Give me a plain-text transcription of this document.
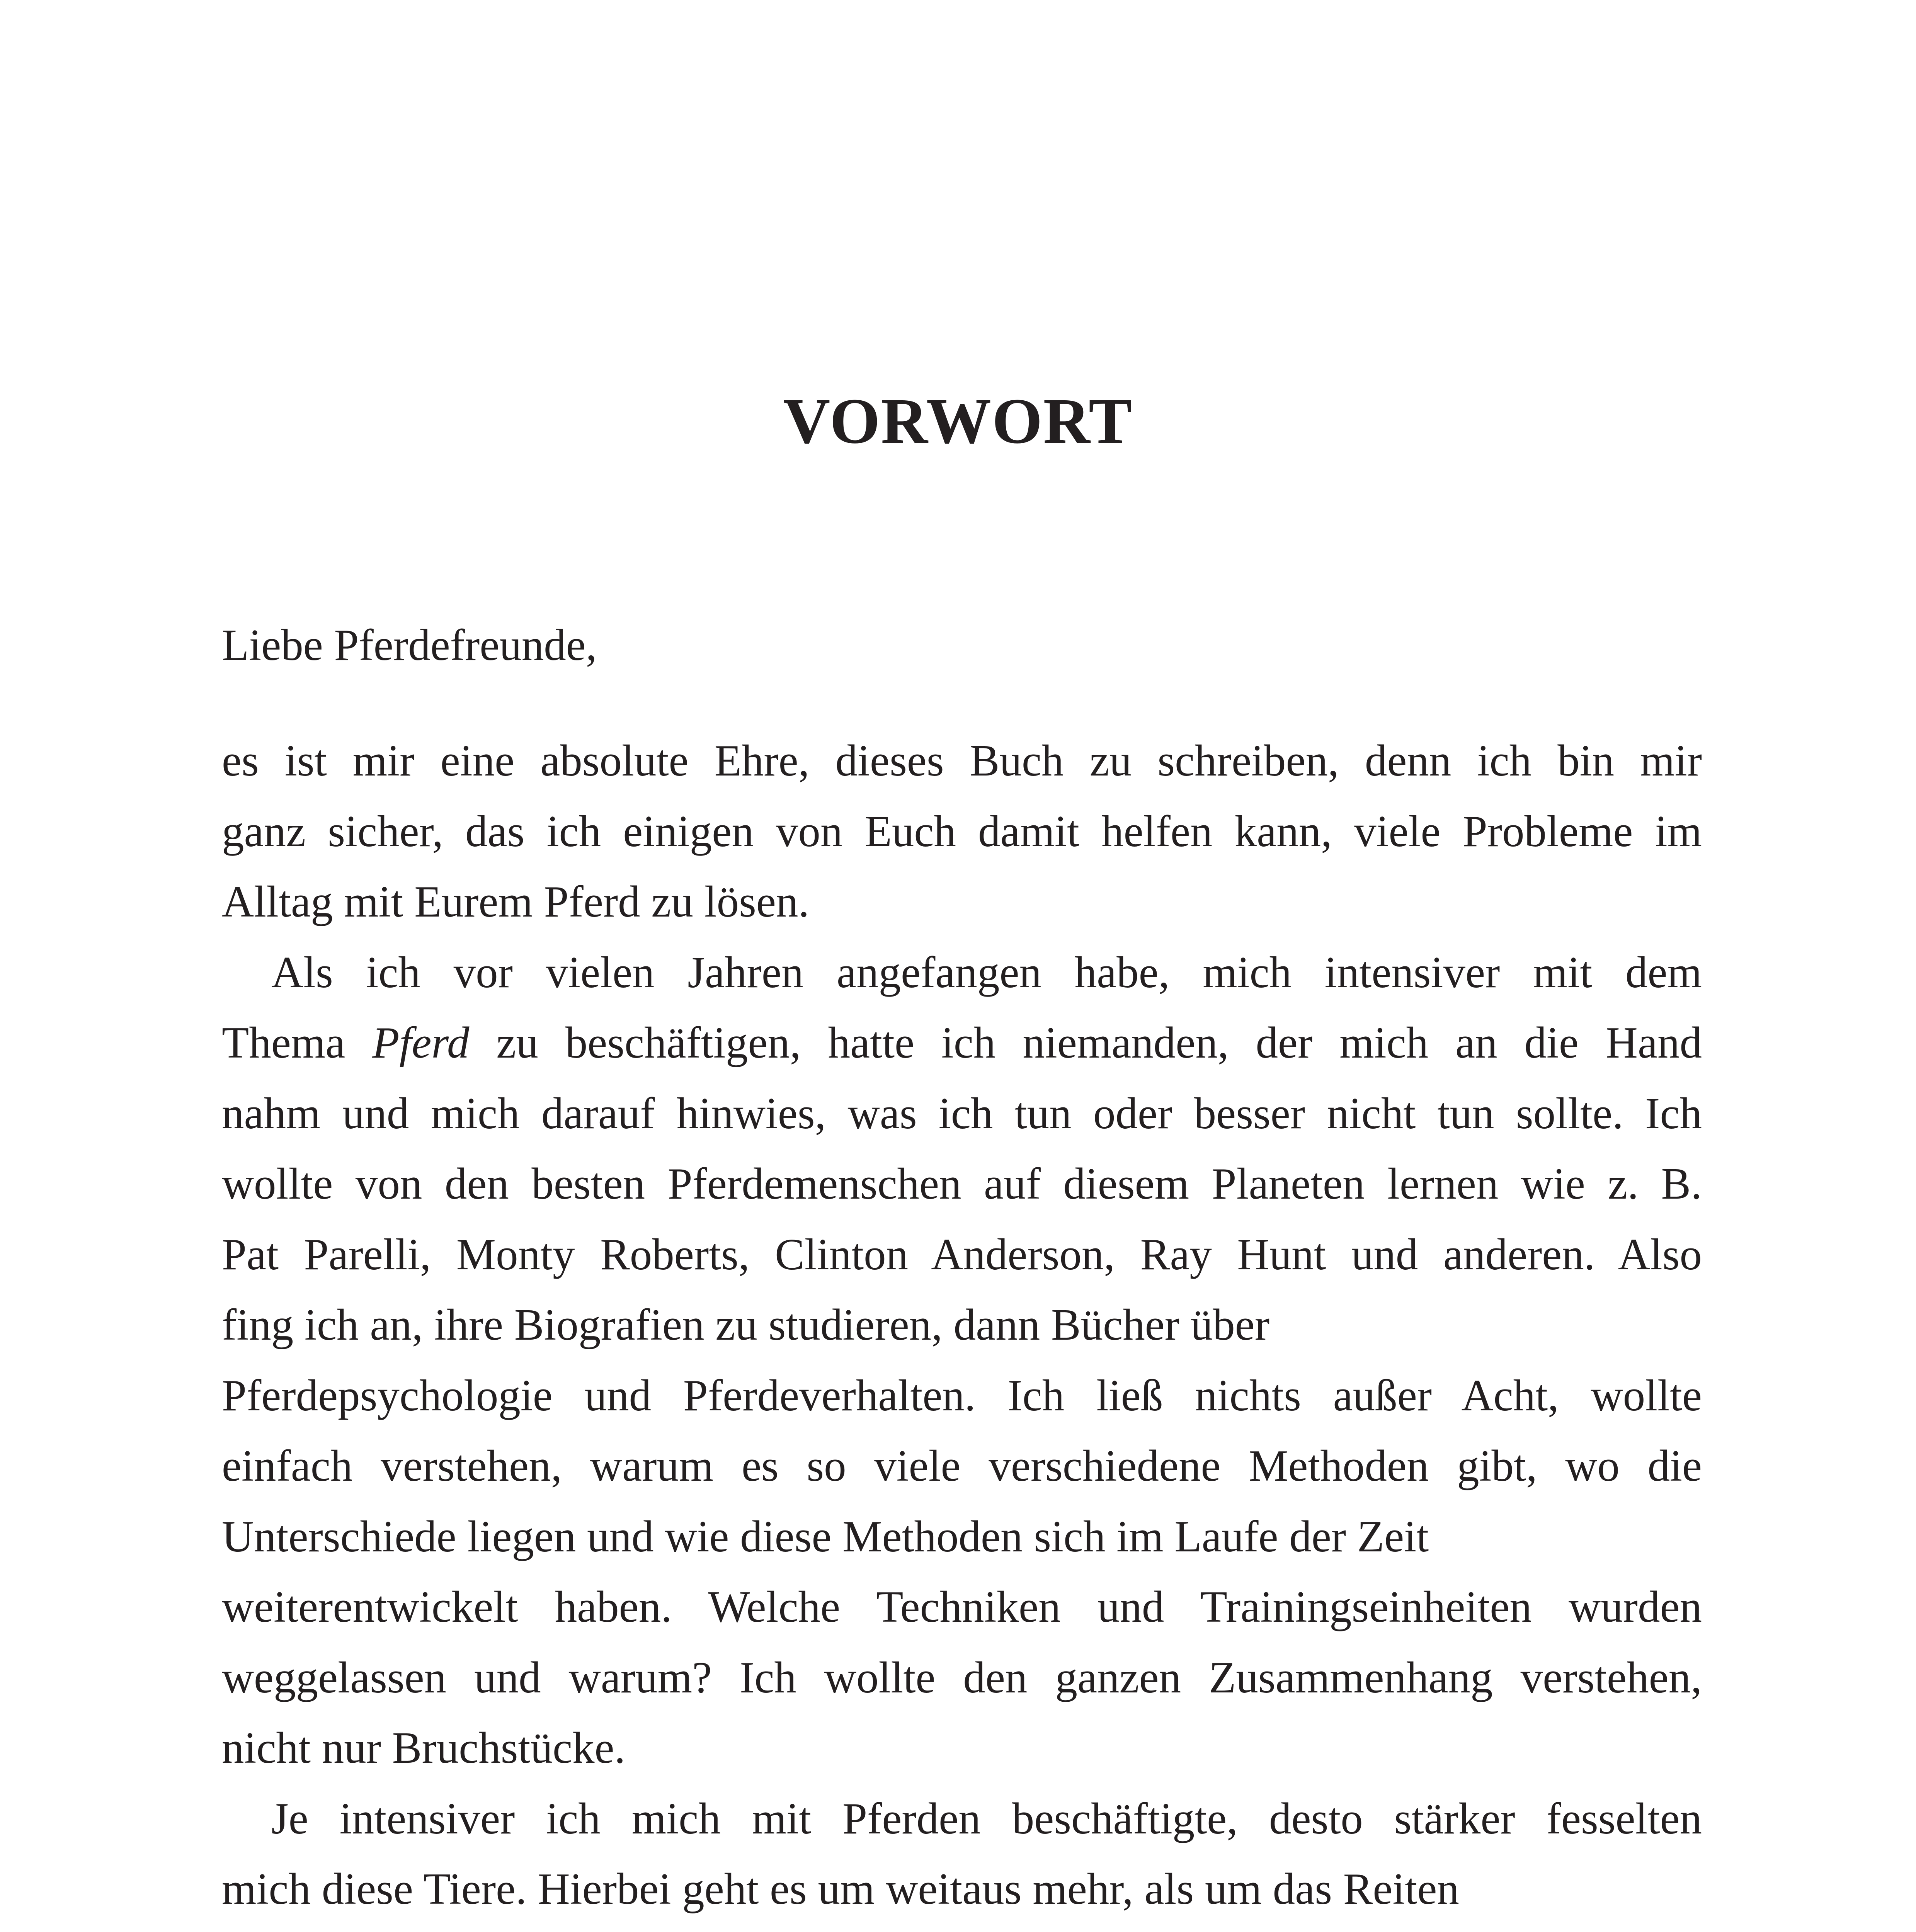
VORWORT

Liebe Pferdefreunde,

es ist mir eine absolute Ehre, dieses Buch zu schreiben, denn ich bin mir
ganz sicher, das ich einigen von Euch damit helfen kann, viele Probleme im
Alltag mit Eurem Pferd zu lösen.
Als ich vor vielen Jahren angefangen habe, mich intensiver mit dem
Thema Pferd zu beschäftigen, hatte ich niemanden, der mich an die Hand
nahm und mich darauf hinwies, was ich tun oder besser nicht tun sollte. Ich
wollte von den besten Pferdemenschen auf diesem Planeten lernen wie z. B.
Pat Parelli, Monty Roberts, Clinton Anderson, Ray Hunt und anderen. Also
fing ich an, ihre Biografien zu studieren, dann Bücher über
Pferdepsychologie und Pferdeverhalten. Ich ließ nichts außer Acht, wollte
einfach verstehen, warum es so viele verschiedene Methoden gibt, wo die
Unterschiede liegen und wie diese Methoden sich im Laufe der Zeit
weiterentwickelt haben. Welche Techniken und Trainingseinheiten wurden
weggelassen und warum? Ich wollte den ganzen Zusammenhang verstehen,
nicht nur Bruchstücke.
Je intensiver ich mich mit Pferden beschäftigte, desto stärker fesselten
mich diese Tiere. Hierbei geht es um weitaus mehr, als um das Reiten
